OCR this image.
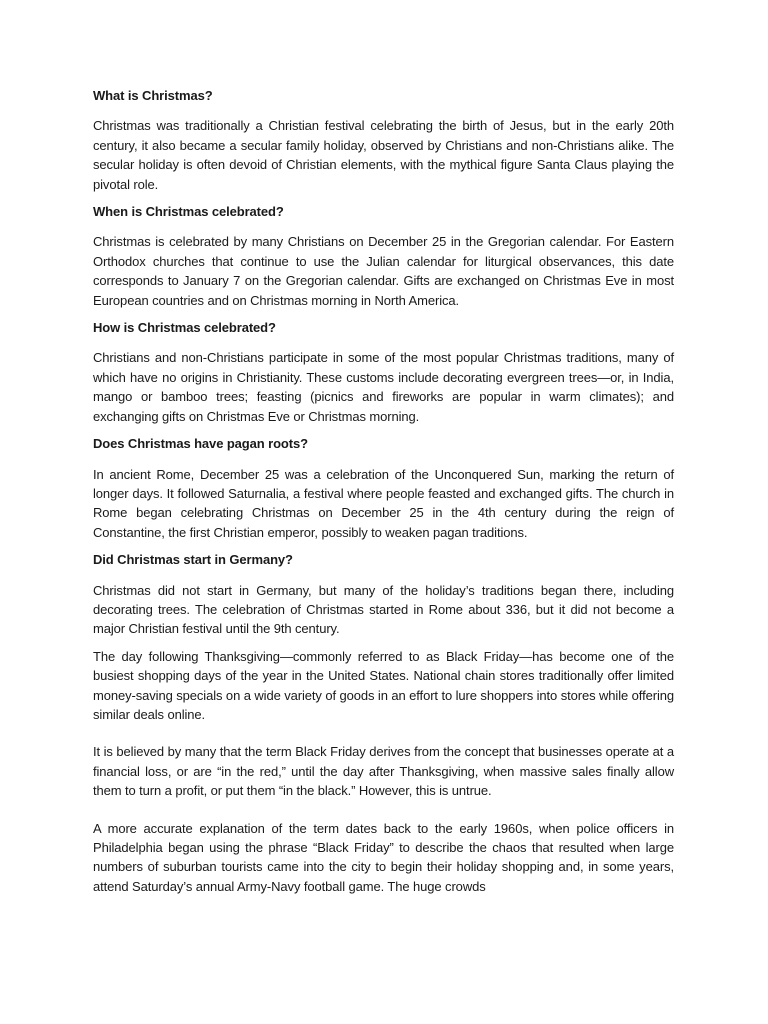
What is Christmas?

Christmas was traditionally a Christian festival celebrating the birth of Jesus, but in the early 20th century, it also became a secular family holiday, observed by Christians and non-Christians alike. The secular holiday is often devoid of Christian elements, with the mythical figure Santa Claus playing the pivotal role.

When is Christmas celebrated?

Christmas is celebrated by many Christians on December 25 in the Gregorian calendar. For Eastern Orthodox churches that continue to use the Julian calendar for liturgical observances, this date corresponds to January 7 on the Gregorian calendar. Gifts are exchanged on Christmas Eve in most European countries and on Christmas morning in North America.

How is Christmas celebrated?

Christians and non-Christians participate in some of the most popular Christmas traditions, many of which have no origins in Christianity. These customs include decorating evergreen trees—or, in India, mango or bamboo trees; feasting (picnics and fireworks are popular in warm climates); and exchanging gifts on Christmas Eve or Christmas morning.

Does Christmas have pagan roots?

In ancient Rome, December 25 was a celebration of the Unconquered Sun, marking the return of longer days. It followed Saturnalia, a festival where people feasted and exchanged gifts. The church in Rome began celebrating Christmas on December 25 in the 4th century during the reign of Constantine, the first Christian emperor, possibly to weaken pagan traditions.

Did Christmas start in Germany?

Christmas did not start in Germany, but many of the holiday’s traditions began there, including decorating trees. The celebration of Christmas started in Rome about 336, but it did not become a major Christian festival until the 9th century.

The day following Thanksgiving—commonly referred to as Black Friday—has become one of the busiest shopping days of the year in the United States. National chain stores traditionally offer limited money-saving specials on a wide variety of goods in an effort to lure shoppers into stores while offering similar deals online.

It is believed by many that the term Black Friday derives from the concept that businesses operate at a financial loss, or are “in the red,” until the day after Thanksgiving, when massive sales finally allow them to turn a profit, or put them “in the black.” However, this is untrue.

A more accurate explanation of the term dates back to the early 1960s, when police officers in Philadelphia began using the phrase “Black Friday” to describe the chaos that resulted when large numbers of suburban tourists came into the city to begin their holiday shopping and, in some years, attend Saturday’s annual Army-Navy football game. The huge crowds
